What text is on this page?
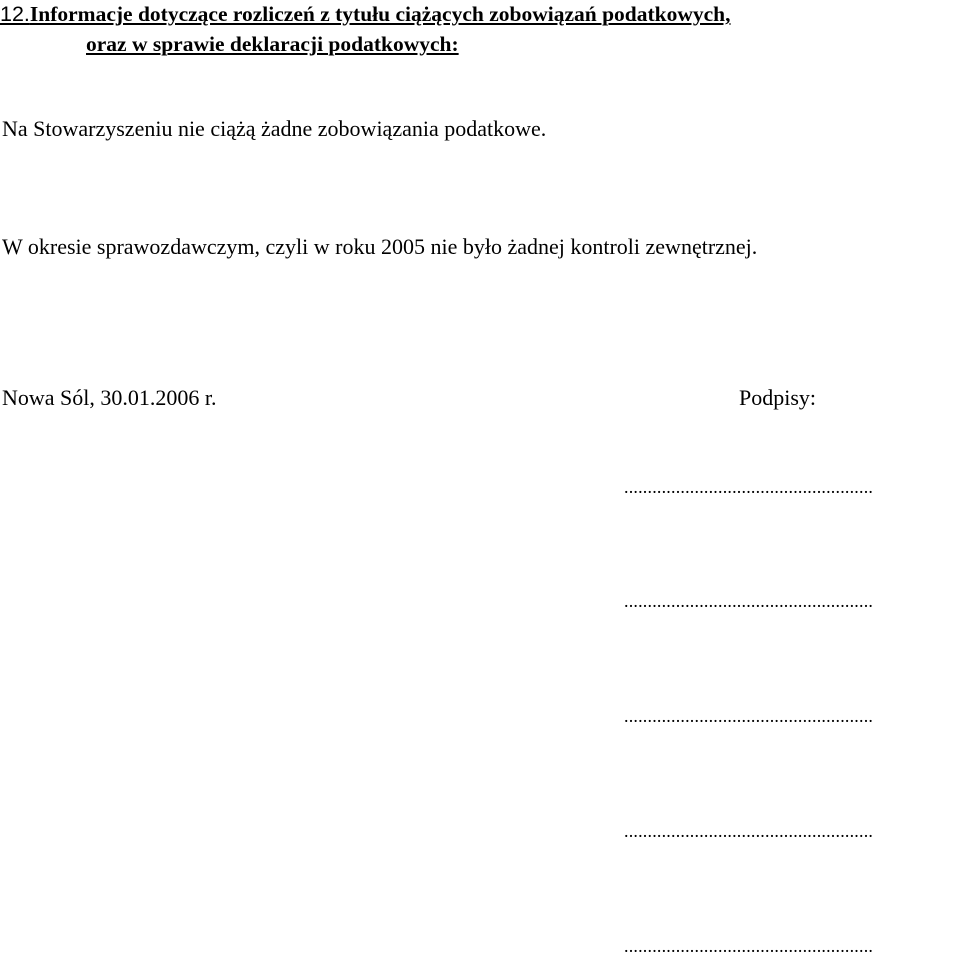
12.Informacje dotyczące rozliczeń z tytułu ciążących zobowiązań podatkowych,
oraz w sprawie deklaracji podatkowych:
Na Stowarzyszeniu nie ciążą żadne zobowiązania podatkowe.
W okresie sprawozdawczym, czyli w roku 2005 nie było żadnej kontroli zewnętrznej.
Nowa Sól, 30.01.2006 r.	Podpisy:
.....................................................
.....................................................
.....................................................
.....................................................
.....................................................
